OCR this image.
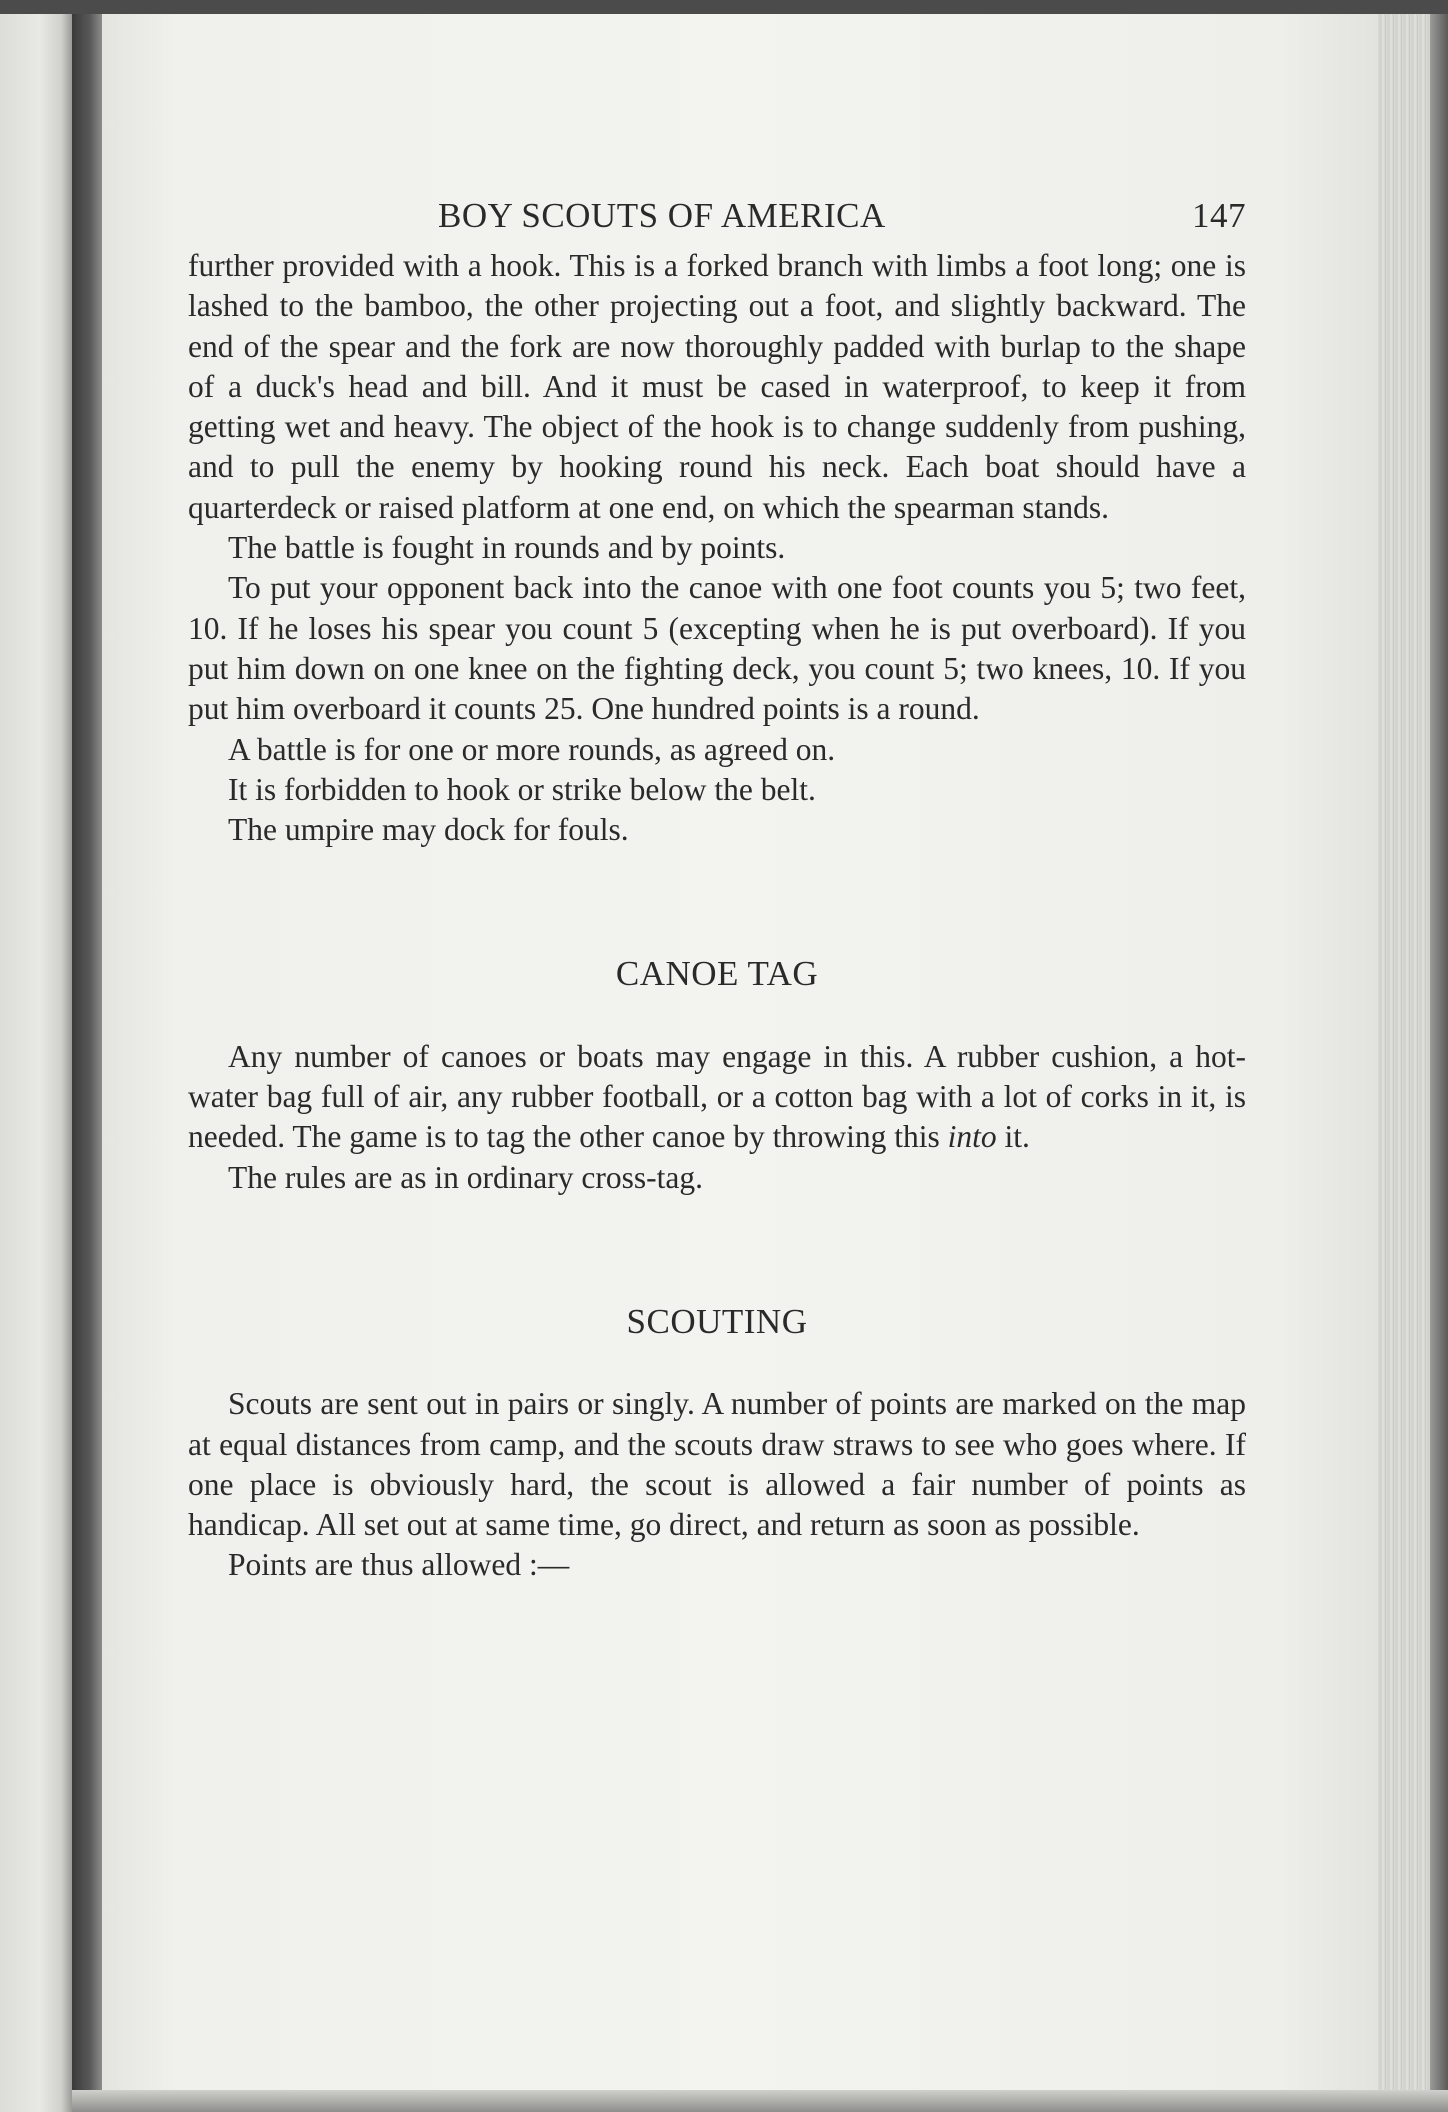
BOY SCOUTS OF AMERICA	147

further provided with a hook. This is a forked branch with limbs a foot long; one is lashed to the bamboo, the other projecting out a foot, and slightly backward. The end of the spear and the fork are now thoroughly padded with burlap to the shape of a duck's head and bill. And it must be cased in waterproof, to keep it from getting wet and heavy. The object of the hook is to change suddenly from pushing, and to pull the enemy by hooking round his neck. Each boat should have a quarterdeck or raised platform at one end, on which the spearman stands.

The battle is fought in rounds and by points.

To put your opponent back into the canoe with one foot counts you 5; two feet, 10. If he loses his spear you count 5 (excepting when he is put overboard). If you put him down on one knee on the fighting deck, you count 5; two knees, 10. If you put him overboard it counts 25. One hundred points is a round.

A battle is for one or more rounds, as agreed on.

It is forbidden to hook or strike below the belt.

The umpire may dock for fouls.

CANOE TAG

Any number of canoes or boats may engage in this. A rubber cushion, a hot-water bag full of air, any rubber football, or a cotton bag with a lot of corks in it, is needed. The game is to tag the other canoe by throwing this into it.

The rules are as in ordinary cross-tag.

SCOUTING

Scouts are sent out in pairs or singly. A number of points are marked on the map at equal distances from camp, and the scouts draw straws to see who goes where. If one place is obviously hard, the scout is allowed a fair number of points as handicap. All set out at same time, go direct, and return as soon as possible.

Points are thus allowed :—
